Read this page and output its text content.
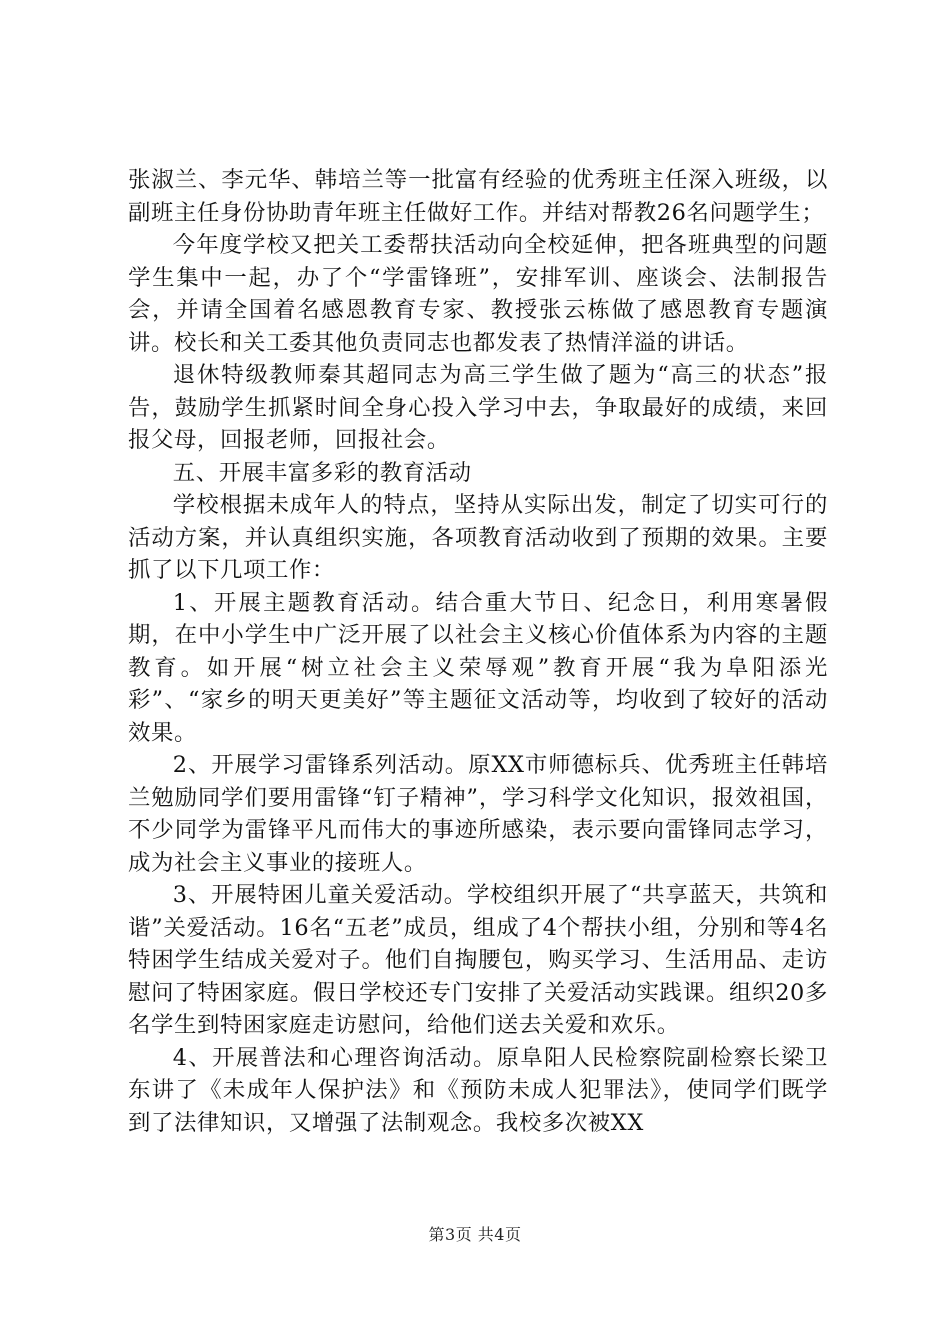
张淑兰、李元华、韩培兰等一批富有经验的优秀班主任深入班级，以副班主任身份协助青年班主任做好工作。并结对帮教26名问题学生；

今年度学校又把关工委帮扶活动向全校延伸，把各班典型的问题学生集中一起，办了个“学雷锋班”，安排军训、座谈会、法制报告会，并请全国着名感恩教育专家、教授张云栋做了感恩教育专题演讲。校长和关工委其他负责同志也都发表了热情洋溢的讲话。

退休特级教师秦其超同志为高三学生做了题为“高三的状态”报告，鼓励学生抓紧时间全身心投入学习中去，争取最好的成绩，来回报父母，回报老师，回报社会。

五、开展丰富多彩的教育活动

学校根据未成年人的特点，坚持从实际出发，制定了切实可行的活动方案，并认真组织实施，各项教育活动收到了预期的效果。主要抓了以下几项工作：

1、开展主题教育活动。结合重大节日、纪念日，利用寒暑假期，在中小学生中广泛开展了以社会主义核心价值体系为内容的主题教育。如开展“树立社会主义荣辱观”教育开展“我为阜阳添光彩”、“家乡的明天更美好”等主题征文活动等，均收到了较好的活动效果。

2、开展学习雷锋系列活动。原XX市师德标兵、优秀班主任韩培兰勉励同学们要用雷锋“钉子精神”，学习科学文化知识，报效祖国，不少同学为雷锋平凡而伟大的事迹所感染，表示要向雷锋同志学习，成为社会主义事业的接班人。

3、开展特困儿童关爱活动。学校组织开展了“共享蓝天，共筑和谐”关爱活动。16名“五老”成员，组成了4个帮扶小组，分别和等4名特困学生结成关爱对子。他们自掏腰包，购买学习、生活用品、走访慰问了特困家庭。假日学校还专门安排了关爱活动实践课。组织20多名学生到特困家庭走访慰问，给他们送去关爱和欢乐。

4、开展普法和心理咨询活动。原阜阳人民检察院副检察长梁卫东讲了《未成年人保护法》和《预防未成人犯罪法》，使同学们既学到了法律知识，又增强了法制观念。我校多次被XX

第3页 共4页
